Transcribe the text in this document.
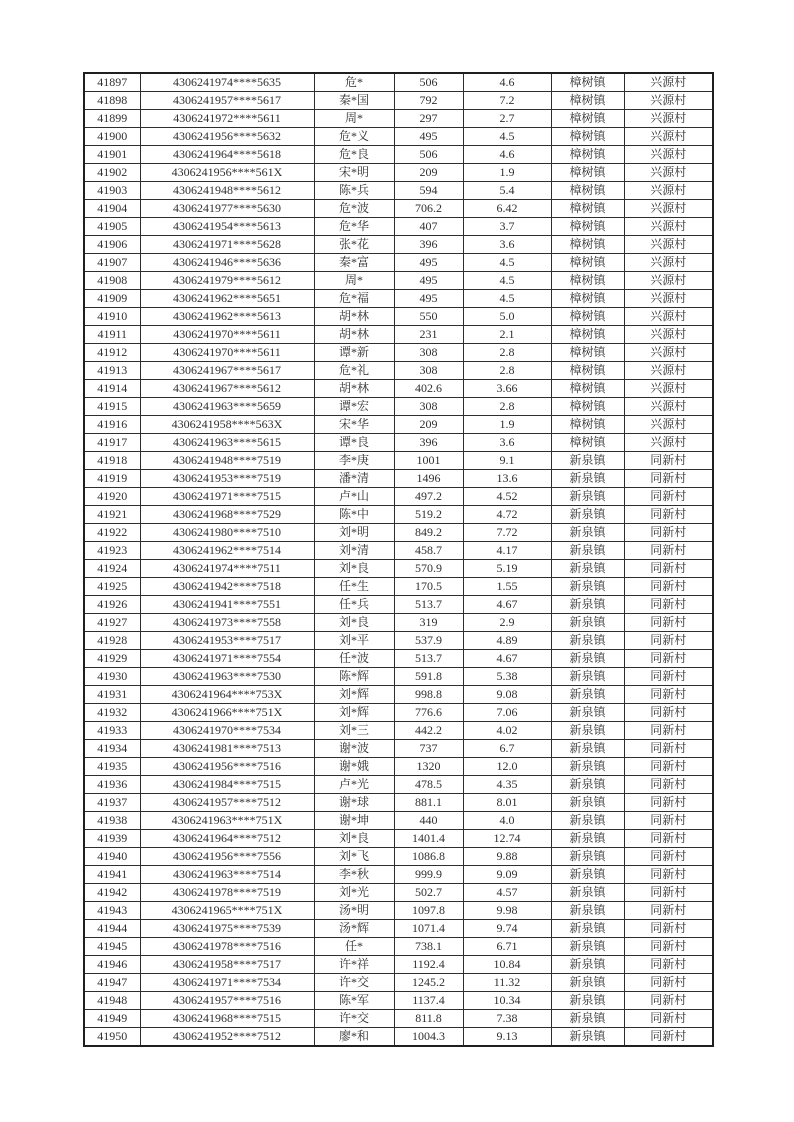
41897	4306241974****5635	危*	506	4.6	樟树镇	兴源村
41898	4306241957****5617	秦*国	792	7.2	樟树镇	兴源村
41899	4306241972****5611	周*	297	2.7	樟树镇	兴源村
41900	4306241956****5632	危*义	495	4.5	樟树镇	兴源村
41901	4306241964****5618	危*良	506	4.6	樟树镇	兴源村
41902	4306241956****561X	宋*明	209	1.9	樟树镇	兴源村
41903	4306241948****5612	陈*兵	594	5.4	樟树镇	兴源村
41904	4306241977****5630	危*波	706.2	6.42	樟树镇	兴源村
41905	4306241954****5613	危*华	407	3.7	樟树镇	兴源村
41906	4306241971****5628	张*花	396	3.6	樟树镇	兴源村
41907	4306241946****5636	秦*富	495	4.5	樟树镇	兴源村
41908	4306241979****5612	周*	495	4.5	樟树镇	兴源村
41909	4306241962****5651	危*福	495	4.5	樟树镇	兴源村
41910	4306241962****5613	胡*林	550	5.0	樟树镇	兴源村
41911	4306241970****5611	胡*林	231	2.1	樟树镇	兴源村
41912	4306241970****5611	谭*新	308	2.8	樟树镇	兴源村
41913	4306241967****5617	危*礼	308	2.8	樟树镇	兴源村
41914	4306241967****5612	胡*林	402.6	3.66	樟树镇	兴源村
41915	4306241963****5659	谭*宏	308	2.8	樟树镇	兴源村
41916	4306241958****563X	宋*华	209	1.9	樟树镇	兴源村
41917	4306241963****5615	谭*良	396	3.6	樟树镇	兴源村
41918	4306241948****7519	李*庚	1001	9.1	新泉镇	同新村
41919	4306241953****7519	潘*清	1496	13.6	新泉镇	同新村
41920	4306241971****7515	卢*山	497.2	4.52	新泉镇	同新村
41921	4306241968****7529	陈*中	519.2	4.72	新泉镇	同新村
41922	4306241980****7510	刘*明	849.2	7.72	新泉镇	同新村
41923	4306241962****7514	刘*清	458.7	4.17	新泉镇	同新村
41924	4306241974****7511	刘*良	570.9	5.19	新泉镇	同新村
41925	4306241942****7518	任*生	170.5	1.55	新泉镇	同新村
41926	4306241941****7551	任*兵	513.7	4.67	新泉镇	同新村
41927	4306241973****7558	刘*良	319	2.9	新泉镇	同新村
41928	4306241953****7517	刘*平	537.9	4.89	新泉镇	同新村
41929	4306241971****7554	任*波	513.7	4.67	新泉镇	同新村
41930	4306241963****7530	陈*辉	591.8	5.38	新泉镇	同新村
41931	4306241964****753X	刘*辉	998.8	9.08	新泉镇	同新村
41932	4306241966****751X	刘*辉	776.6	7.06	新泉镇	同新村
41933	4306241970****7534	刘*三	442.2	4.02	新泉镇	同新村
41934	4306241981****7513	谢*波	737	6.7	新泉镇	同新村
41935	4306241956****7516	谢*娥	1320	12.0	新泉镇	同新村
41936	4306241984****7515	卢*光	478.5	4.35	新泉镇	同新村
41937	4306241957****7512	谢*球	881.1	8.01	新泉镇	同新村
41938	4306241963****751X	谢*坤	440	4.0	新泉镇	同新村
41939	4306241964****7512	刘*良	1401.4	12.74	新泉镇	同新村
41940	4306241956****7556	刘*飞	1086.8	9.88	新泉镇	同新村
41941	4306241963****7514	李*秋	999.9	9.09	新泉镇	同新村
41942	4306241978****7519	刘*光	502.7	4.57	新泉镇	同新村
41943	4306241965****751X	汤*明	1097.8	9.98	新泉镇	同新村
41944	4306241975****7539	汤*辉	1071.4	9.74	新泉镇	同新村
41945	4306241978****7516	任*	738.1	6.71	新泉镇	同新村
41946	4306241958****7517	许*祥	1192.4	10.84	新泉镇	同新村
41947	4306241971****7534	许*交	1245.2	11.32	新泉镇	同新村
41948	4306241957****7516	陈*军	1137.4	10.34	新泉镇	同新村
41949	4306241968****7515	许*交	811.8	7.38	新泉镇	同新村
41950	4306241952****7512	廖*和	1004.3	9.13	新泉镇	同新村
